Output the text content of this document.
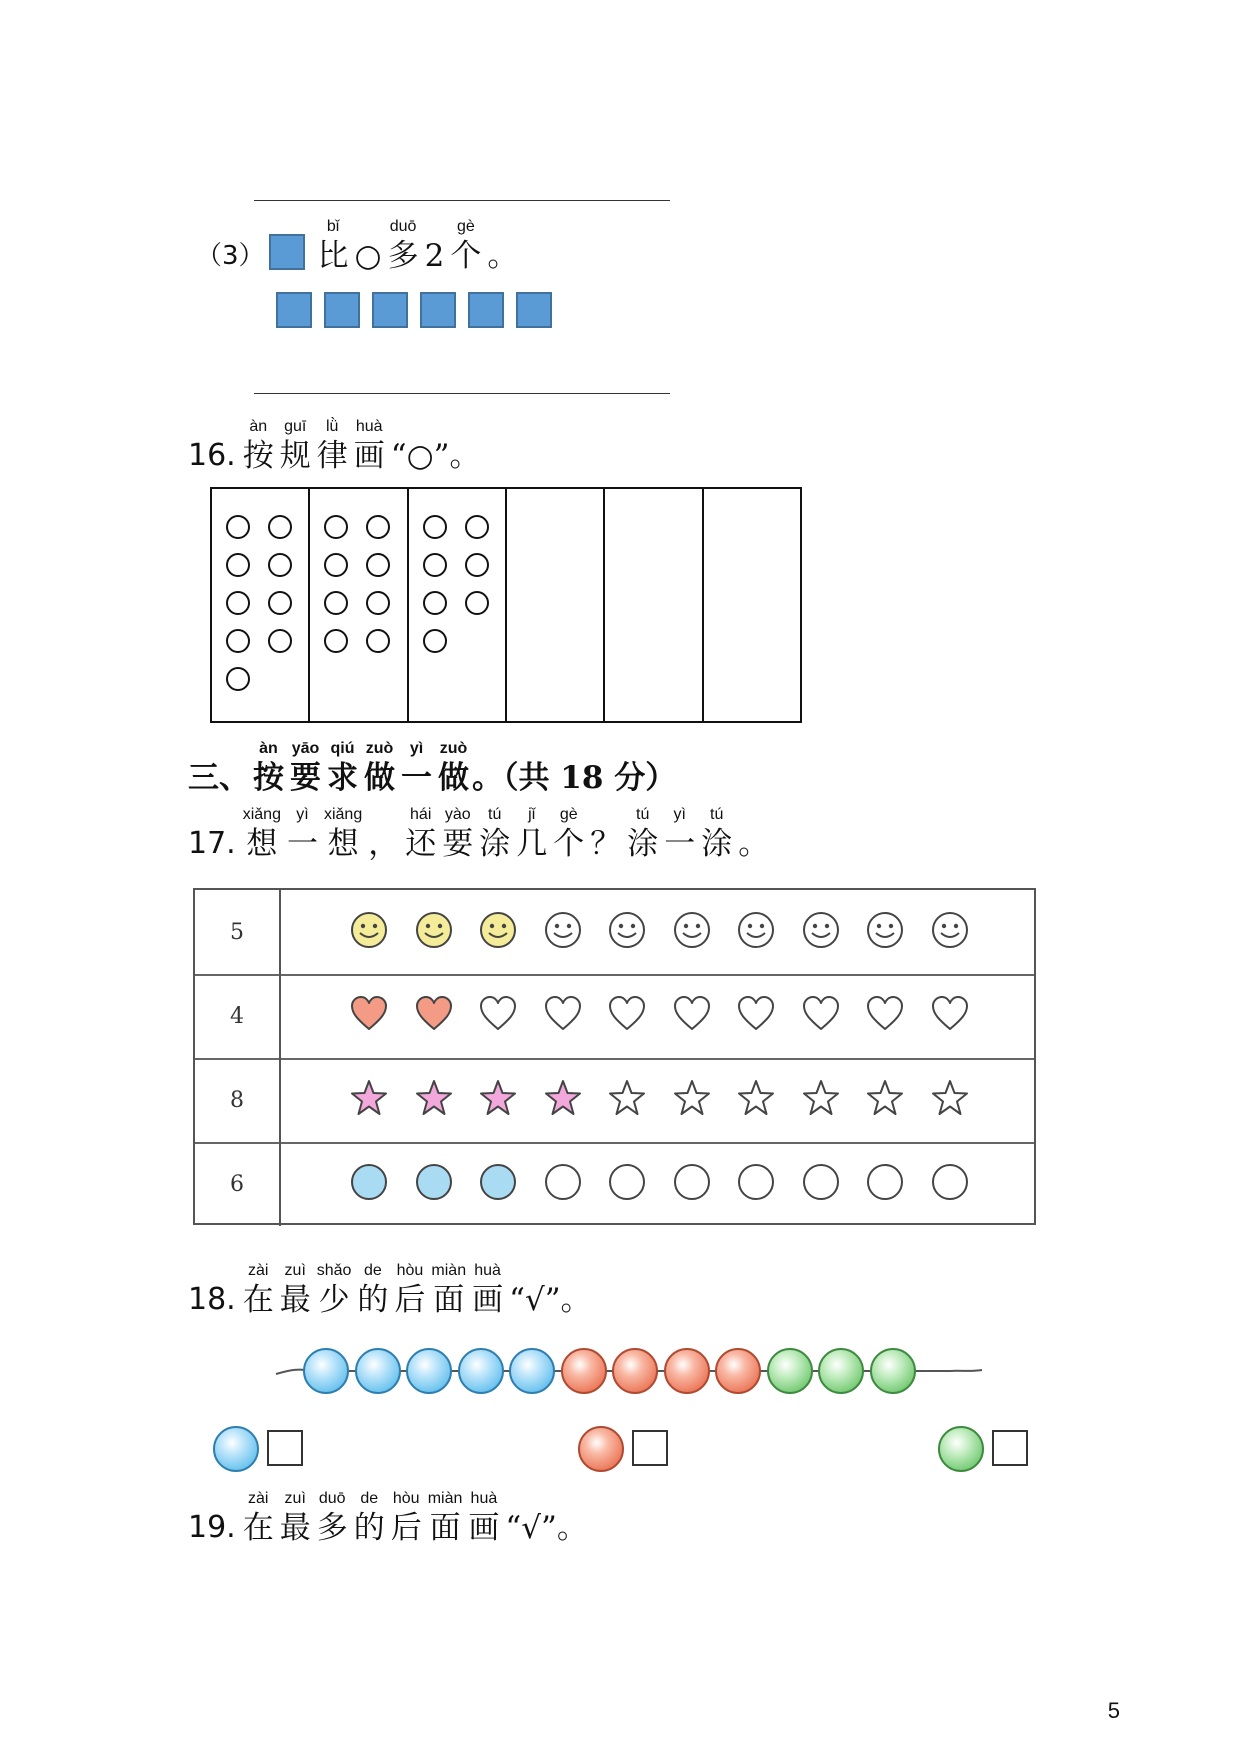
（3）
bǐ
比 ○
duō
多 2
gè
个 。
16.
àn
按
guī
规
lǜ
律
huà
画 “○”。
三、
àn
按
yāo
要
qiú
求
zuò
做
yì
一
zuò
做 。（共 18 分）
17.
xiǎng
想
yì
一
xiǎng
想 ，
hái
还
yào
要
tú
涂
jǐ
几
gè
个 ？
tú
涂
yì
一
tú
涂 。
5
4
8
6
18.
zài
在
zuì
最
shǎo
少
de
的
hòu
后
miàn
面
huà
画 “√”。
19.
zài
在
zuì
最
duō
多
de
的
hòu
后
miàn
面
huà
画 “√”。
5
